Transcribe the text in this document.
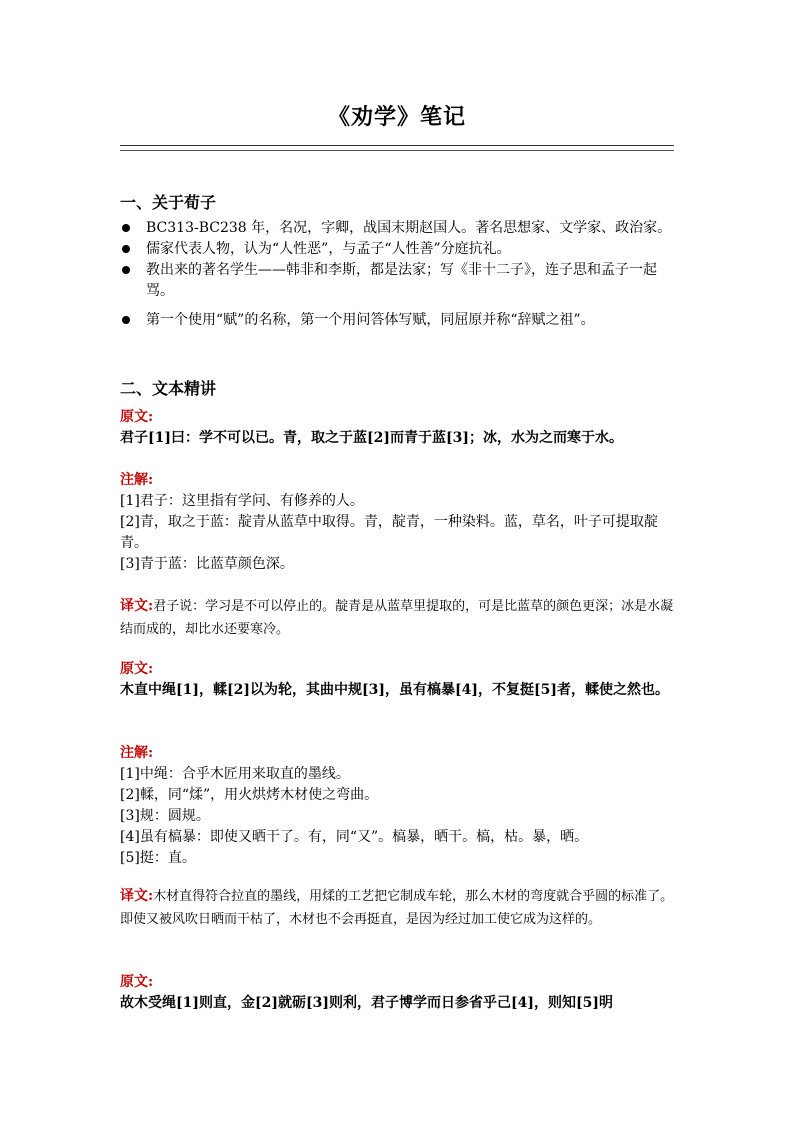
《劝学》笔记
一、关于荀子
BC313-BC238 年，名况，字卿，战国末期赵国人。著名思想家、文学家、政治家。
儒家代表人物，认为“人性恶”，与孟子“人性善”分庭抗礼。
教出来的著名学生——韩非和李斯，都是法家；写《非十二子》，连子思和孟子一起骂。
第一个使用“赋”的名称，第一个用问答体写赋，同屈原并称“辞赋之祖”。
二、文本精讲
原文:

君子[1]曰：学不可以已。青，取之于蓝[2]而青于蓝[3]；冰，水为之而寒于水。

注解:

[1]君子：这里指有学问、有修养的人。

[2]青，取之于蓝：靛青从蓝草中取得。青，靛青，一种染料。蓝，草名，叶子可提取靛青。

[3]青于蓝：比蓝草颜色深。

译文:君子说：学习是不可以停止的。靛青是从蓝草里提取的，可是比蓝草的颜色更深；冰是水凝结而成的，却比水还要寒冷。

原文:

木直中绳[1]，輮[2]以为轮，其曲中规[3]，虽有槁暴[4]，不复挺[5]者，輮使之然也。

注解:

[1]中绳：合乎木匠用来取直的墨线。

[2]輮，同“煣”，用火烘烤木材使之弯曲。

[3]规：圆规。

[4]虽有槁暴：即使又晒干了。有，同“又”。槁暴，晒干。槁，枯。暴，晒。

[5]挺：直。

译文:木材直得符合拉直的墨线，用煣的工艺把它制成车轮，那么木材的弯度就合乎圆的标准了。即使又被风吹日晒而干枯了，木材也不会再挺直，是因为经过加工使它成为这样的。

原文:

故木受绳[1]则直，金[2]就砺[3]则利，君子博学而日参省乎己[4]，则知[5]明
